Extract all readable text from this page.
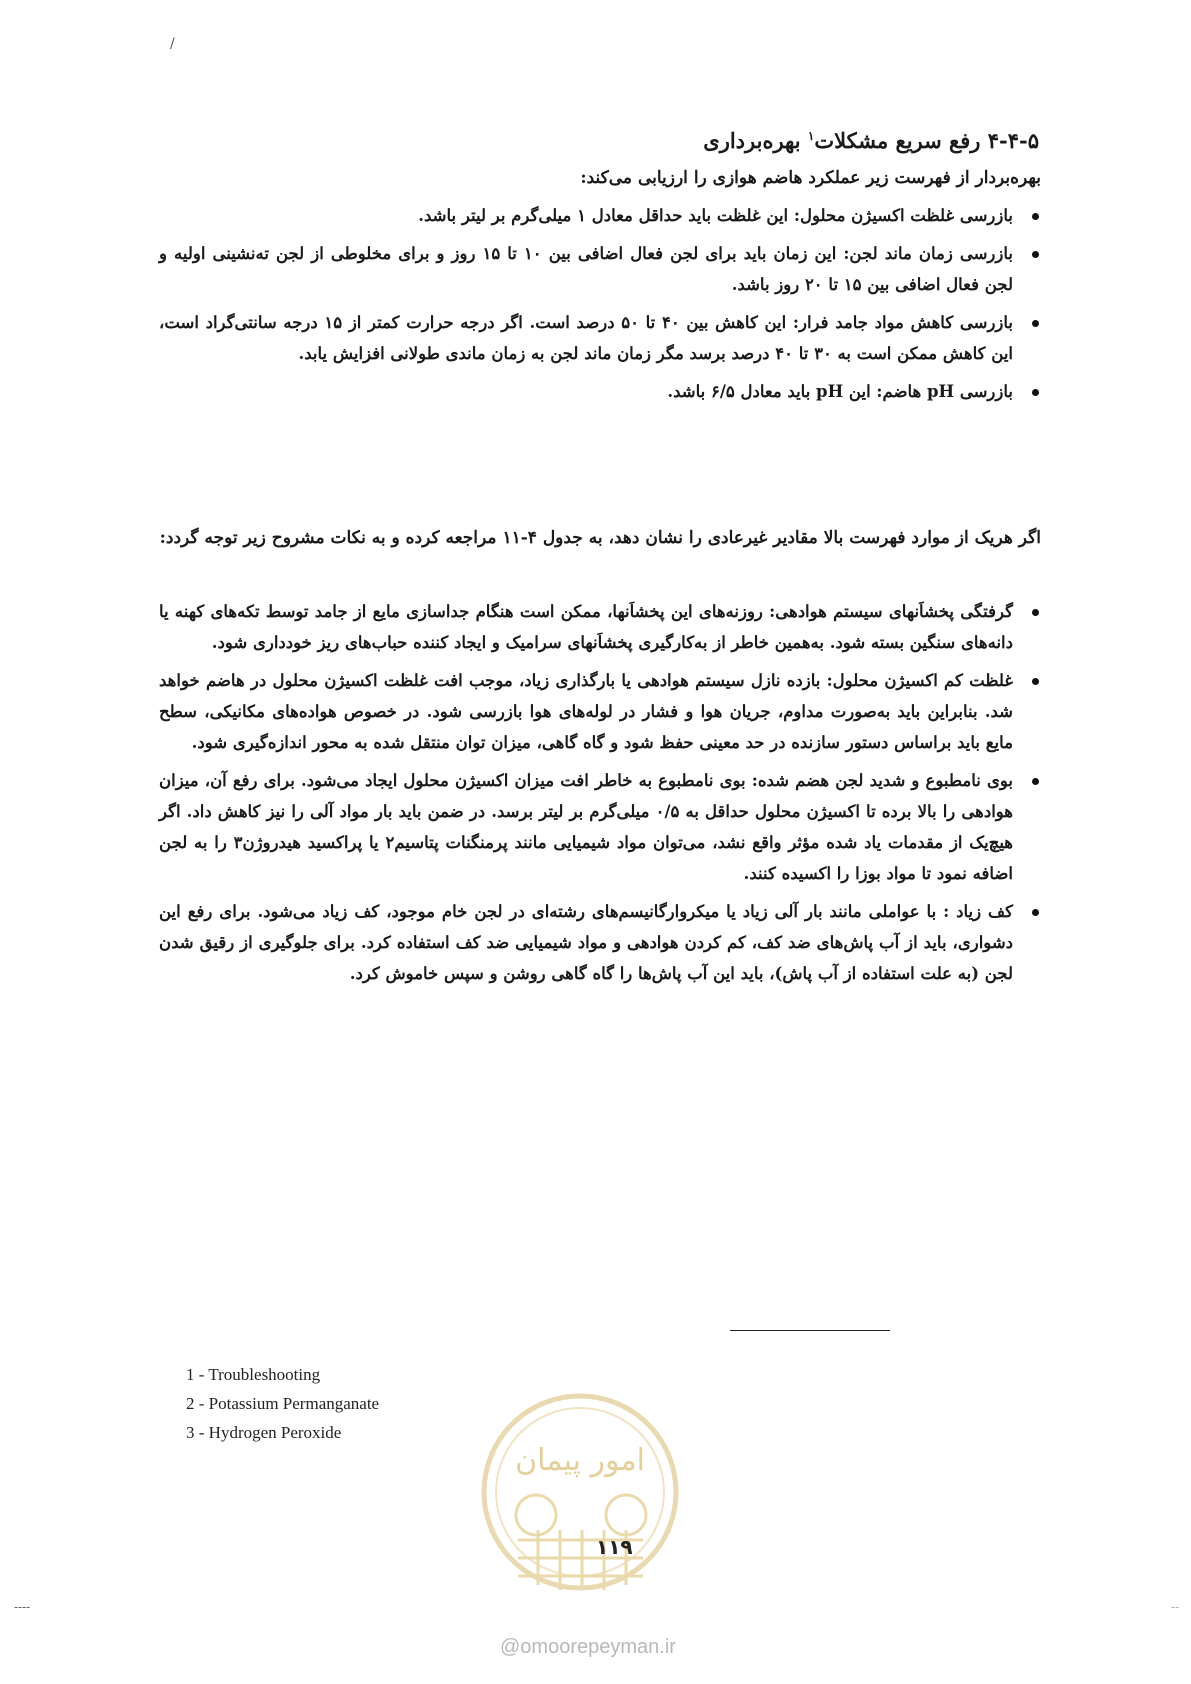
/
۴-۴-۵ رفع سریع مشکلات$^۱$ بهره‌برداری
بهره‌بردار از فهرست زیر عملکرد هاضم هوازی را ارزیابی می‌کند:
بازرسی غلظت اکسیژن محلول: این غلظت باید حداقل معادل ۱ میلی‌گرم بر لیتر باشد.
بازرسی زمان ماند لجن: این زمان باید برای لجن فعال اضافی بین ۱۰ تا ۱۵ روز و برای مخلوطی از لجن ته‌نشینی اولیه و لجن فعال اضافی بین ۱۵ تا ۲۰ روز باشد.
بازرسی کاهش مواد جامد فرار: این کاهش بین ۴۰ تا ۵۰ درصد است. اگر درجه حرارت کمتر از ۱۵ درجه سانتی‌گراد است، این کاهش ممکن است به ۳۰ تا ۴۰ درصد برسد مگر زمان ماند لجن به زمان ماندی طولانی افزایش یابد.
بازرسی pH هاضم: این pH باید معادل ۶/۵ باشد.
اگر هریک از موارد فهرست بالا مقادیر غیرعادی را نشان دهد، به جدول ۴-۱۱ مراجعه کرده و به نکات مشروح زیر توجه گردد:
گرفتگی پخشاَنهای سیستم هوادهی: روزنه‌های این پخشاَنها، ممکن است هنگام جداسازی مایع از جامد توسط تکه‌های کهنه یا دانه‌های سنگین بسته شود. به‌همین خاطر از به‌کارگیری پخشاَنهای سرامیک و ایجاد کننده حباب‌های ریز خودداری شود.
غلظت کم اکسیژن محلول: بازده نازل سیستم هوادهی یا بارگذاری زیاد، موجب افت غلظت اکسیژن محلول در هاضم خواهد شد. بنابراین باید به‌صورت مداوم، جریان هوا و فشار در لوله‌های هوا بازرسی شود. در خصوص هواده‌های مکانیکی، سطح مایع باید براساس دستور سازنده در حد معینی حفظ شود و گاه گاهی، میزان توان منتقل شده به محور اندازه‌گیری شود.
بوی نامطبوع و شدید لجن هضم شده: بوی نامطبوع به خاطر افت میزان اکسیژن محلول ایجاد می‌شود. برای رفع آن، میزان هوادهی را بالا برده تا اکسیژن محلول حداقل به ۰/۵ میلی‌گرم بر لیتر برسد. در ضمن باید بار مواد آلی را نیز کاهش داد. اگر هیچ‌یک از مقدمات یاد شده مؤثر واقع نشد، می‌توان مواد شیمیایی مانند پرمنگنات پتاسیم۲ یا پراکسید هیدروژن۳ را به لجن اضافه نمود تا مواد بوزا را اکسیده کنند.
کف زیاد : با عواملی مانند بار آلی زیاد یا میکروارگانیسم‌های رشته‌ای در لجن خام موجود، کف زیاد می‌شود. برای رفع این دشواری، باید از آب پاش‌های ضد کف، کم کردن هوادهی و مواد شیمیایی ضد کف استفاده کرد. برای جلوگیری از رقیق شدن لجن (به علت استفاده از آب پاش)، باید این آب پاش‌ها را گاه گاهی روشن و سپس خاموش کرد.
1 - Troubleshooting
2 - Potassium Permanganate
3 - Hydrogen Peroxide
امور پیمان
۱۱۹
----	--
@omoorepeyman.ir
